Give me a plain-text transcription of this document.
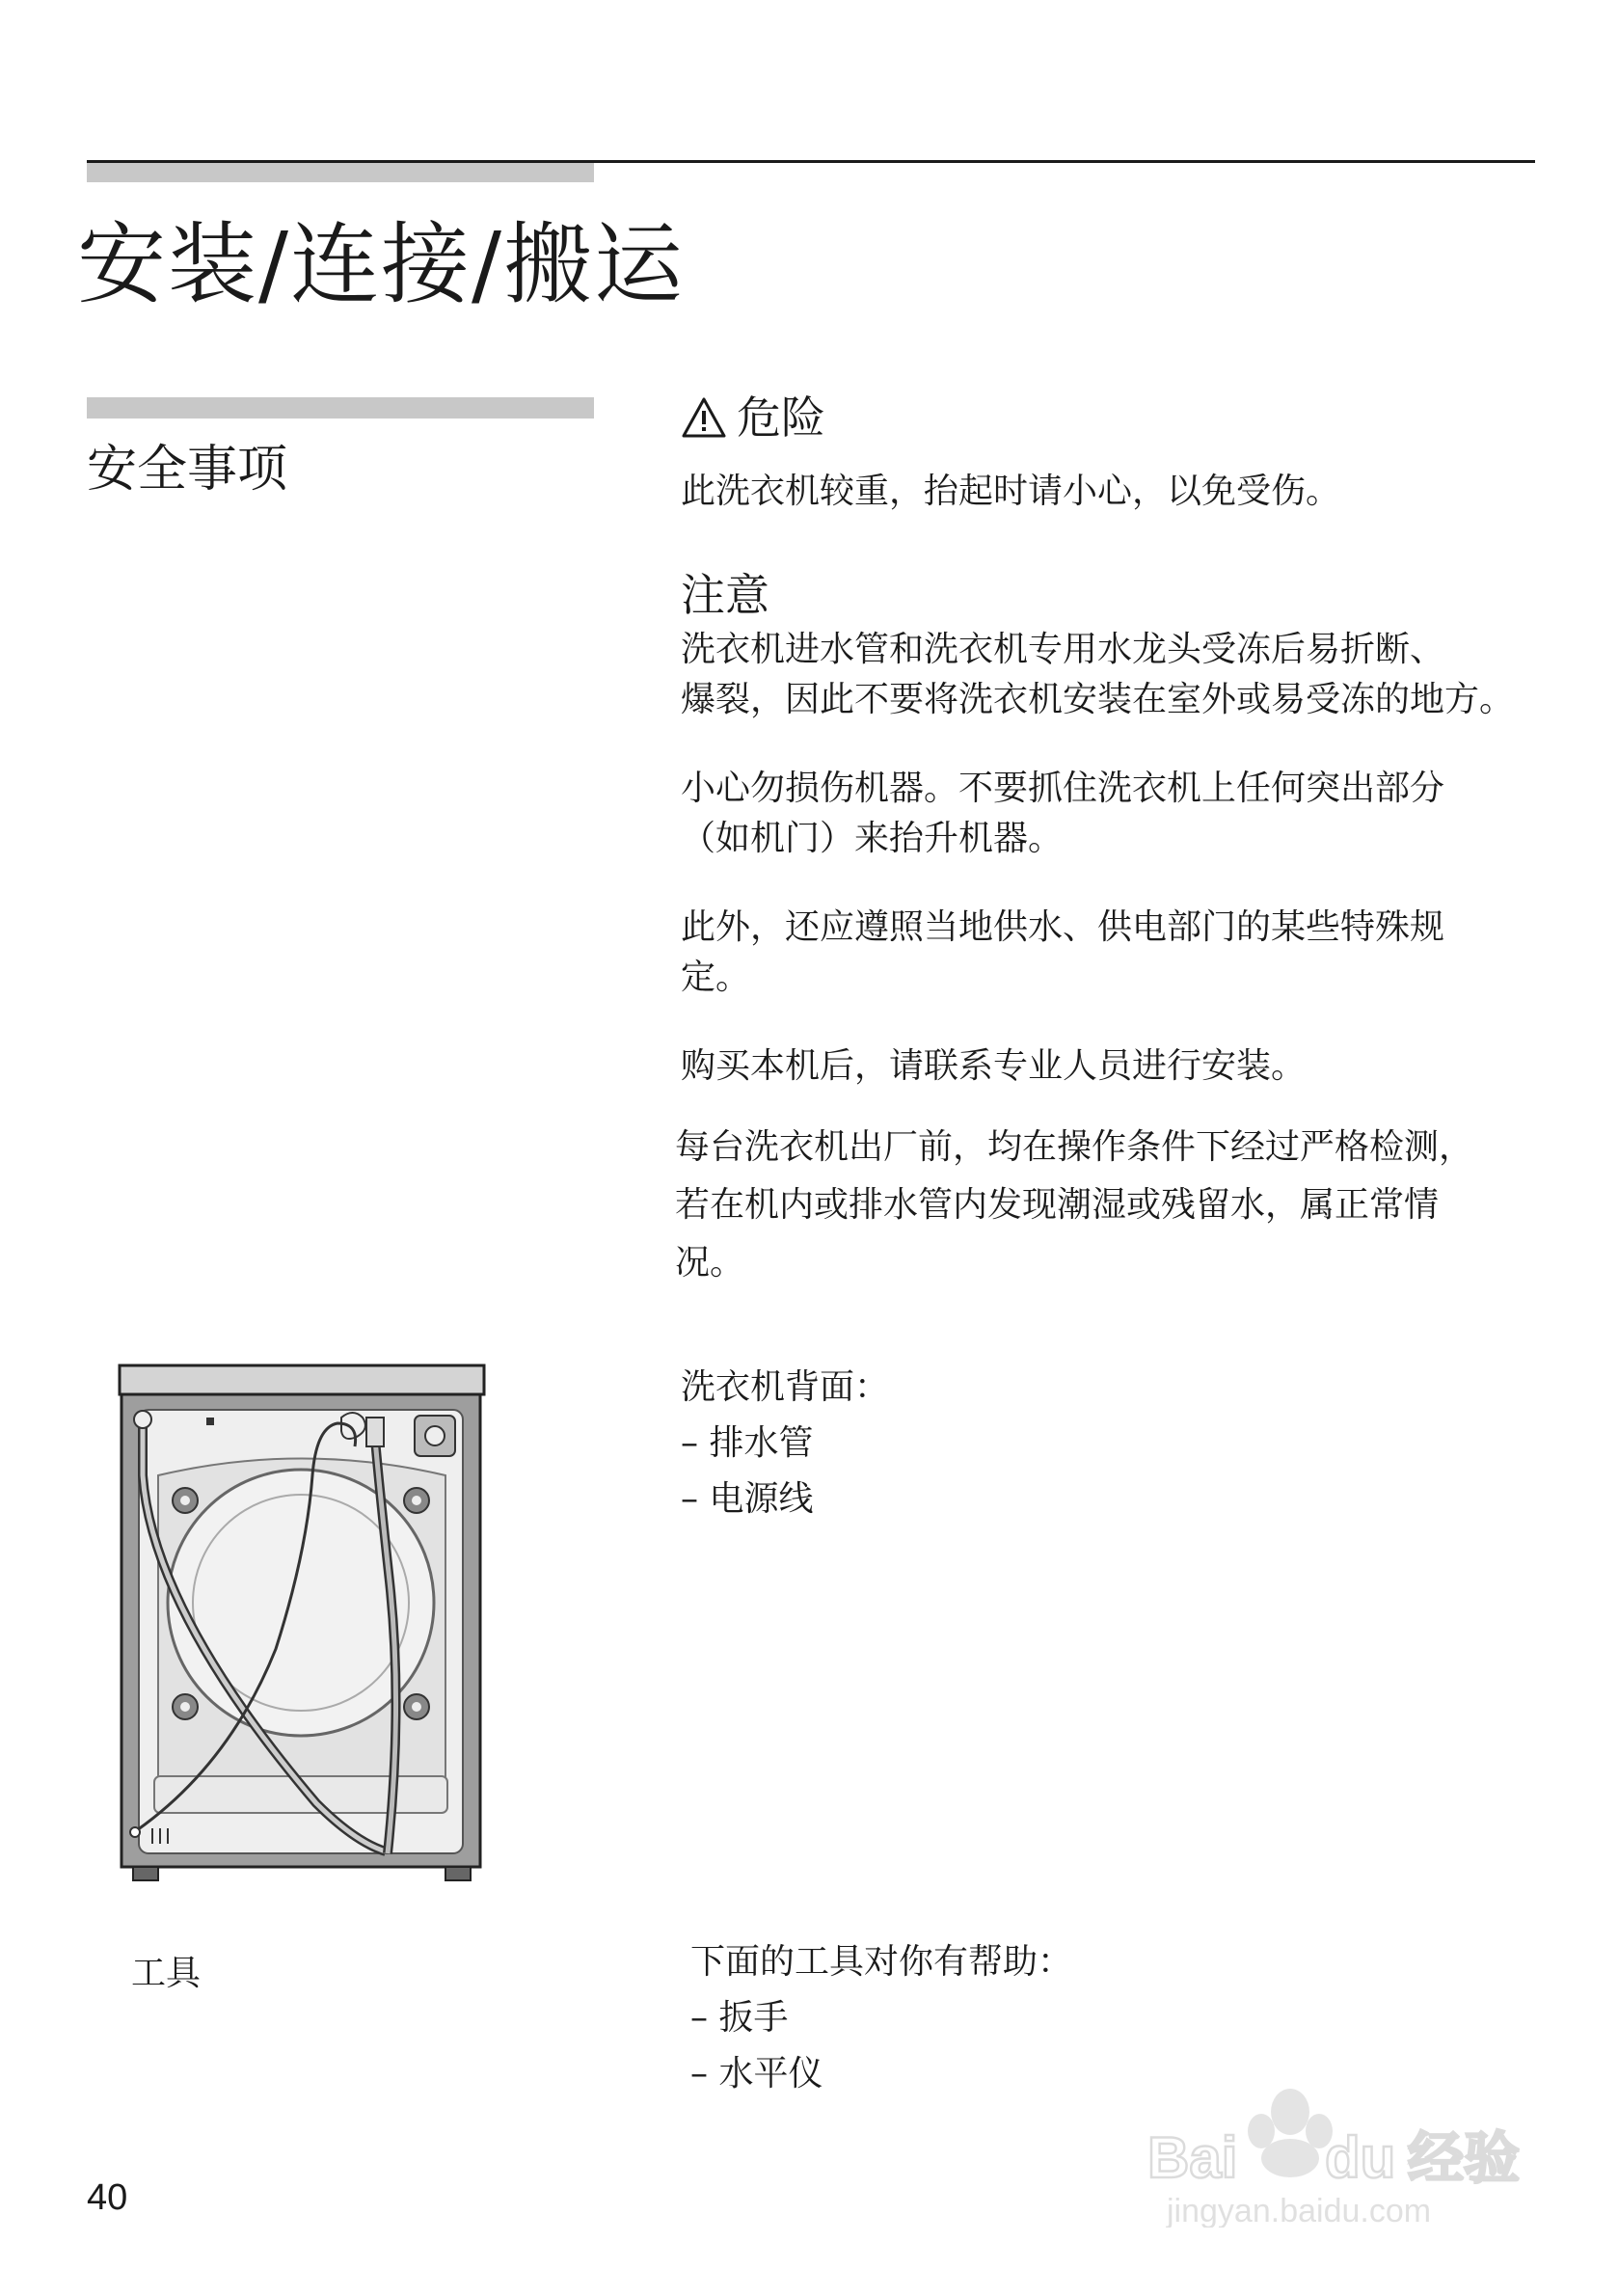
安装/连接/搬运
安全事项
危险
此洗衣机较重，抬起时请小心，以免受伤。
注意
洗衣机进水管和洗衣机专用水龙头受冻后易折断、
爆裂，因此不要将洗衣机安装在室外或易受冻的地方。
小心勿损伤机器。不要抓住洗衣机上任何突出部分
（如机门）来抬升机器。
此外，还应遵照当地供水、供电部门的某些特殊规
定。
购买本机后，请联系专业人员进行安装。
每台洗衣机出厂前，均在操作条件下经过严格检测，
若在机内或排水管内发现潮湿或残留水，属正常情
况。
洗衣机背面：
– 排水管
– 电源线
工具	下面的工具对你有帮助：
– 扳手
– 水平仪
40
Bai du 经验
jingyan.baidu.com
